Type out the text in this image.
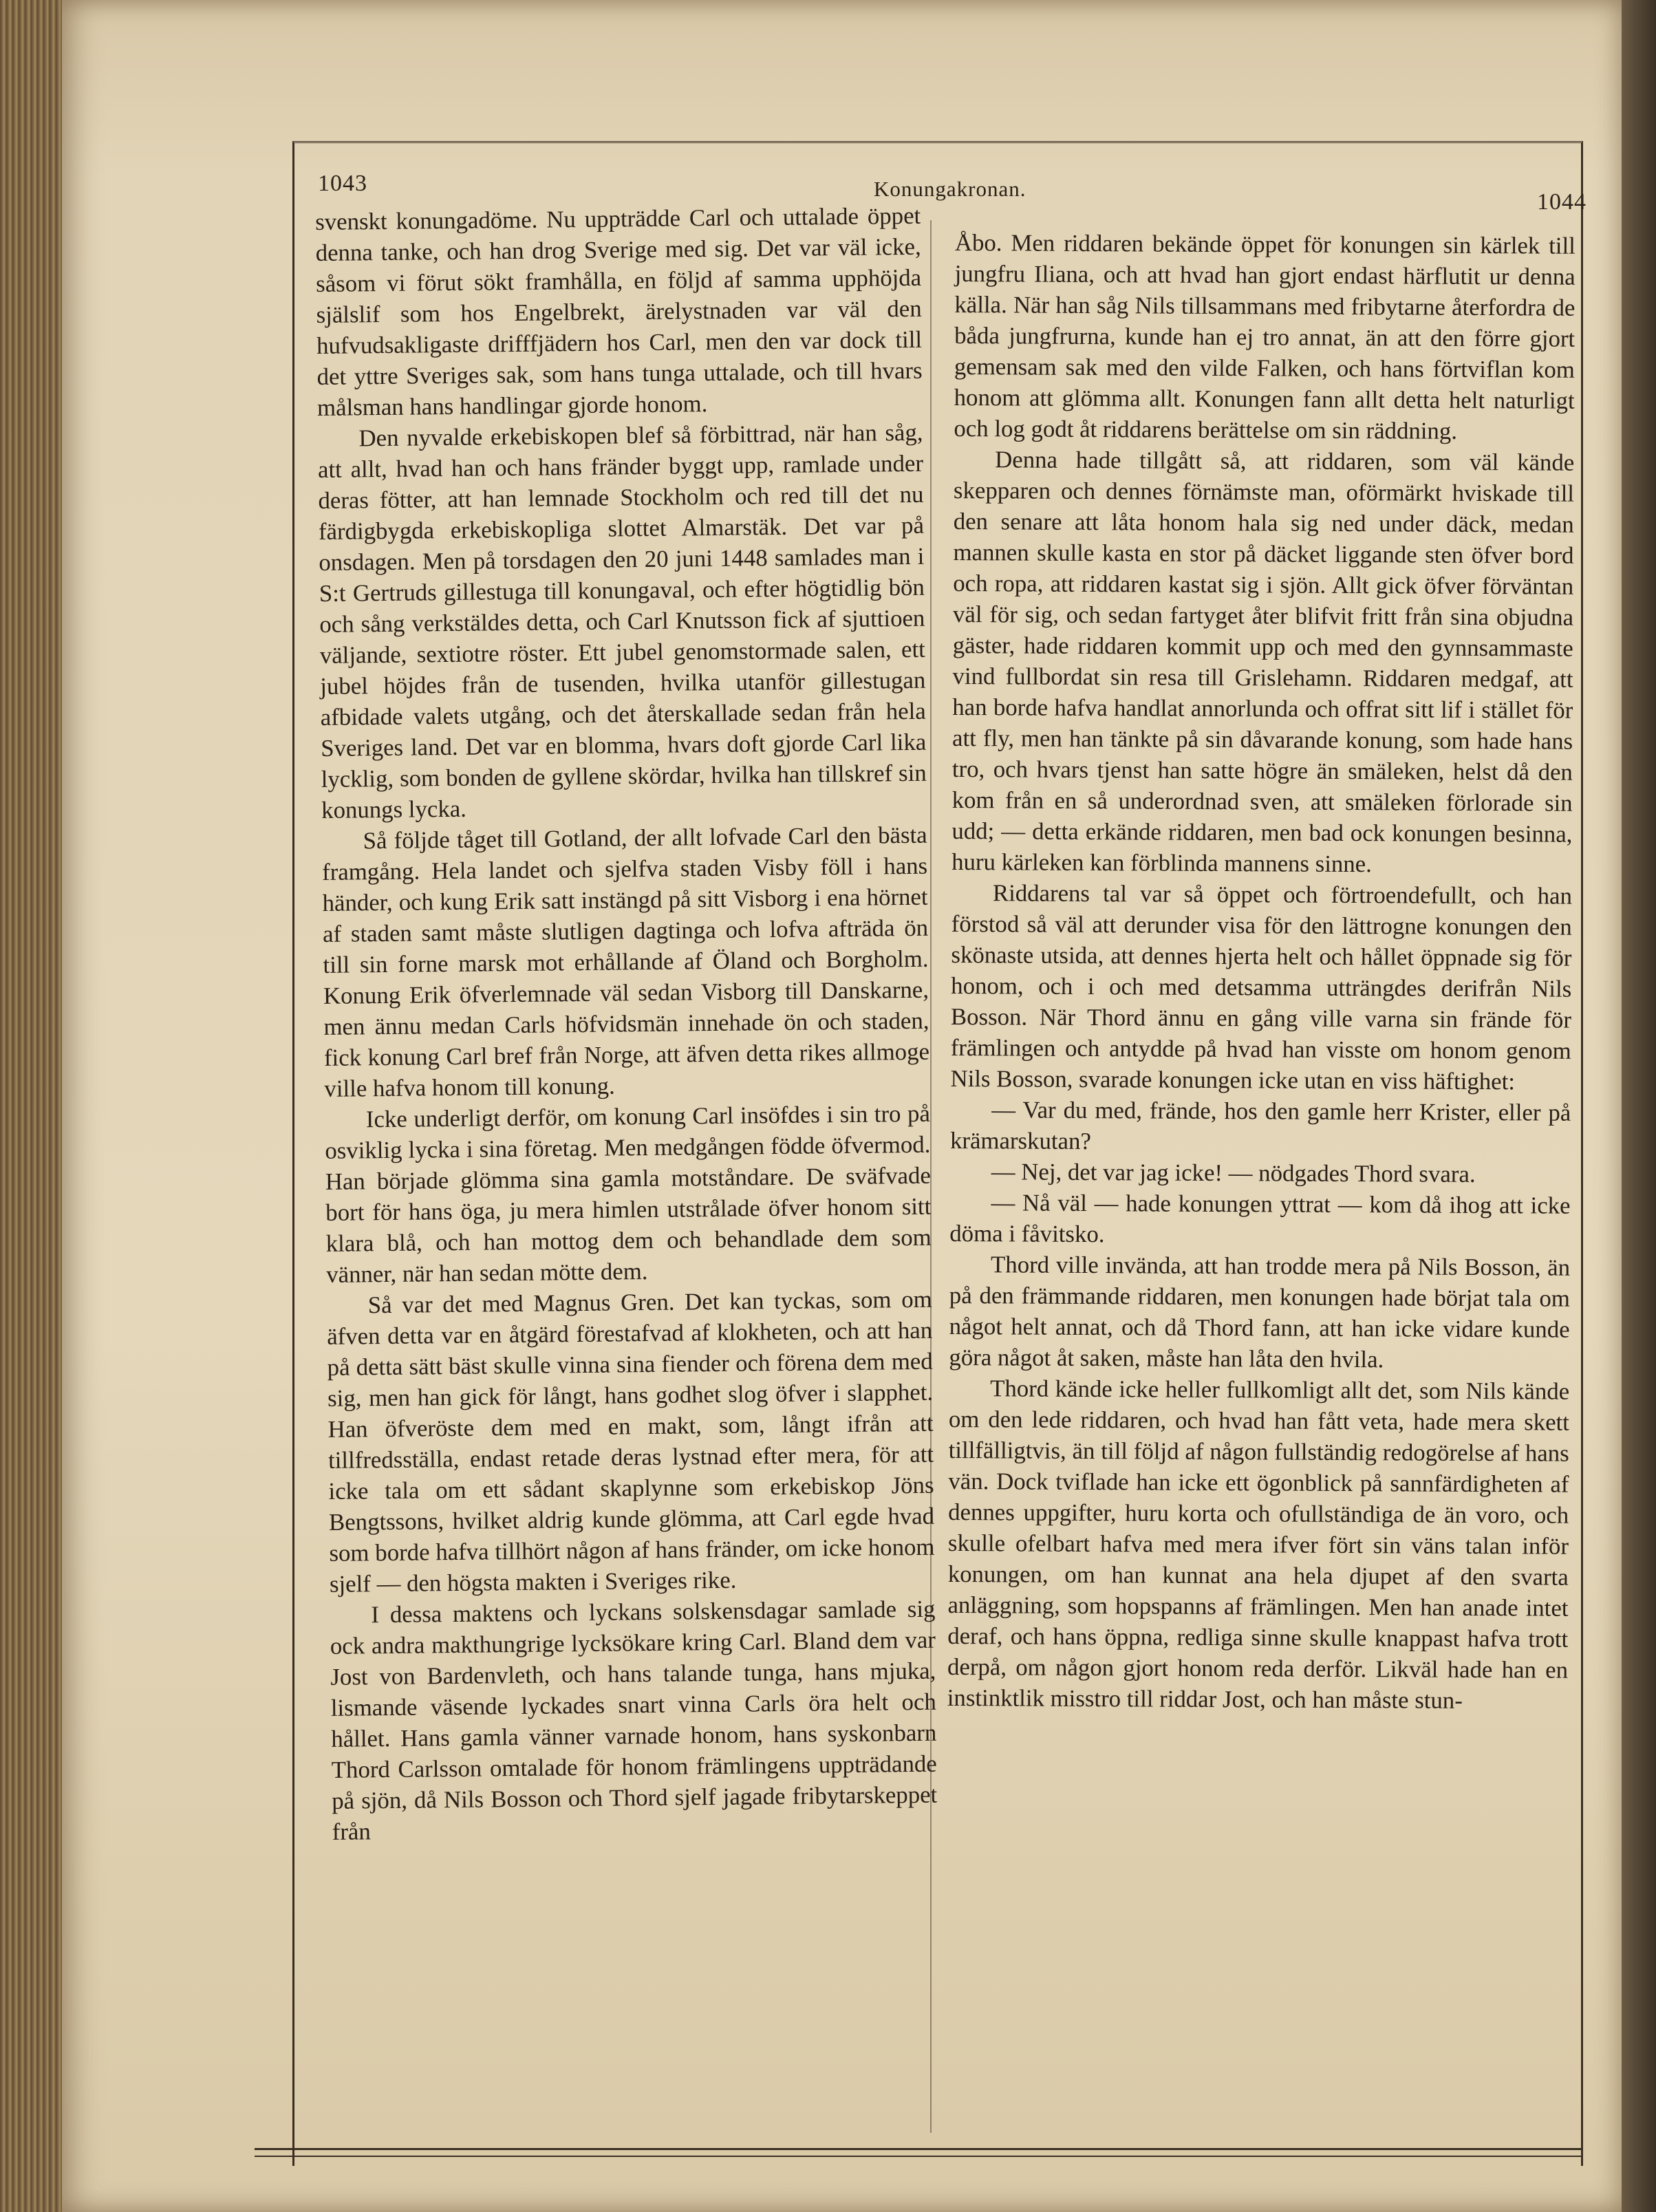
1043	Konungakronan.
1044

svenskt konungadöme. Nu uppträdde Carl och uttalade öppet denna tanke, och han drog Sverige med sig. Det var väl icke, såsom vi förut sökt framhålla, en följd af samma upphöjda själslif som hos Engelbrekt, ärelystnaden var väl den hufvudsakligaste drifffjädern hos Carl, men den var dock till det yttre Sveriges sak, som hans tunga uttalade, och till hvars målsman hans handlingar gjorde honom.

Den nyvalde erkebiskopen blef så förbittrad, när han såg, att allt, hvad han och hans fränder byggt upp, ramlade under deras fötter, att han lemnade Stockholm och red till det nu färdigbygda erkebiskopliga slottet Almarstäk. Det var på onsdagen. Men på torsdagen den 20 juni 1448 samlades man i S:t Gertruds gillestuga till konungaval, och efter högtidlig bön och sång verkstäldes detta, och Carl Knutsson fick af sjuttioen väljande, sextiotre röster. Ett jubel genomstormade salen, ett jubel höjdes från de tusenden, hvilka utanför gillestugan afbidade valets utgång, och det återskallade sedan från hela Sveriges land. Det var en blomma, hvars doft gjorde Carl lika lycklig, som bonden de gyllene skördar, hvilka han tillskref sin konungs lycka.

Så följde tåget till Gotland, der allt lofvade Carl den bästa framgång. Hela landet och sjelfva staden Visby föll i hans händer, och kung Erik satt instängd på sitt Visborg i ena hörnet af staden samt måste slutligen dagtinga och lofva afträda ön till sin forne marsk mot erhållande af Öland och Borgholm. Konung Erik öfverlemnade väl sedan Visborg till Danskarne, men ännu medan Carls höfvidsmän innehade ön och staden, fick konung Carl bref från Norge, att äfven detta rikes allmoge ville hafva honom till konung.

Icke underligt derför, om konung Carl insöfdes i sin tro på osviklig lycka i sina företag. Men medgången födde öfvermod. Han började glömma sina gamla motståndare. De sväfvade bort för hans öga, ju mera himlen utstrålade öfver honom sitt klara blå, och han mottog dem och behandlade dem som vänner, när han sedan mötte dem.

Så var det med Magnus Gren. Det kan tyckas, som om äfven detta var en åtgärd förestafvad af klokheten, och att han på detta sätt bäst skulle vinna sina fiender och förena dem med sig, men han gick för långt, hans godhet slog öfver i slapphet. Han öfveröste dem med en makt, som, långt ifrån att tillfredsställa, endast retade deras lystnad efter mera, för att icke tala om ett sådant skaplynne som erkebiskop Jöns Bengtssons, hvilket aldrig kunde glömma, att Carl egde hvad som borde hafva tillhört någon af hans fränder, om icke honom sjelf — den högsta makten i Sveriges rike.

I dessa maktens och lyckans solskensdagar samlade sig ock andra makthungrige lycksökare kring Carl. Bland dem var Jost von Bardenvleth, och hans talande tunga, hans mjuka, lismande väsende lyckades snart vinna Carls öra helt och hållet. Hans gamla vänner varnade honom, hans syskonbarn Thord Carlsson omtalade för honom främlingens uppträdande på sjön, då Nils Bosson och Thord sjelf jagade fribytarskeppet från

Åbo. Men riddaren bekände öppet för konungen sin kärlek till jungfru Iliana, och att hvad han gjort endast härflutit ur denna källa. När han såg Nils tillsammans med fribytarne återfordra de båda jungfrurna, kunde han ej tro annat, än att den förre gjort gemensam sak med den vilde Falken, och hans förtviflan kom honom att glömma allt. Konungen fann allt detta helt naturligt och log godt åt riddarens berättelse om sin räddning.

Denna hade tillgått så, att riddaren, som väl kände skepparen och dennes förnämste man, oförmärkt hviskade till den senare att låta honom hala sig ned under däck, medan mannen skulle kasta en stor på däcket liggande sten öfver bord och ropa, att riddaren kastat sig i sjön. Allt gick öfver förväntan väl för sig, och sedan fartyget åter blifvit fritt från sina objudna gäster, hade riddaren kommit upp och med den gynnsammaste vind fullbordat sin resa till Grislehamn. Riddaren medgaf, att han borde hafva handlat annorlunda och offrat sitt lif i stället för att fly, men han tänkte på sin dåvarande konung, som hade hans tro, och hvars tjenst han satte högre än smäleken, helst då den kom från en så underordnad sven, att smäleken förlorade sin udd; — detta erkände riddaren, men bad ock konungen besinna, huru kärleken kan förblinda mannens sinne.

Riddarens tal var så öppet och förtroendefullt, och han förstod så väl att derunder visa för den lättrogne konungen den skönaste utsida, att dennes hjerta helt och hållet öppnade sig för honom, och i och med detsamma utträngdes derifrån Nils Bosson. När Thord ännu en gång ville varna sin frände för främlingen och antydde på hvad han visste om honom genom Nils Bosson, svarade konungen icke utan en viss häftighet:

— Var du med, frände, hos den gamle herr Krister, eller på krämarskutan?

— Nej, det var jag icke! — nödgades Thord svara.

— Nå väl — hade konungen yttrat — kom då ihog att icke döma i fåvitsko.

Thord ville invända, att han trodde mera på Nils Bosson, än på den främmande riddaren, men konungen hade börjat tala om något helt annat, och då Thord fann, att han icke vidare kunde göra något åt saken, måste han låta den hvila.

Thord kände icke heller fullkomligt allt det, som Nils kände om den lede riddaren, och hvad han fått veta, hade mera skett tillfälligtvis, än till följd af någon fullständig redogörelse af hans vän. Dock tviflade han icke ett ögonblick på sannfärdigheten af dennes uppgifter, huru korta och ofullständiga de än voro, och skulle ofelbart hafva med mera ifver fört sin väns talan inför konungen, om han kunnat ana hela djupet af den svarta anläggning, som hopspanns af främlingen. Men han anade intet deraf, och hans öppna, redliga sinne skulle knappast hafva trott derpå, om någon gjort honom reda derför. Likväl hade han en instinktlik misstro till riddar Jost, och han måste stun-
